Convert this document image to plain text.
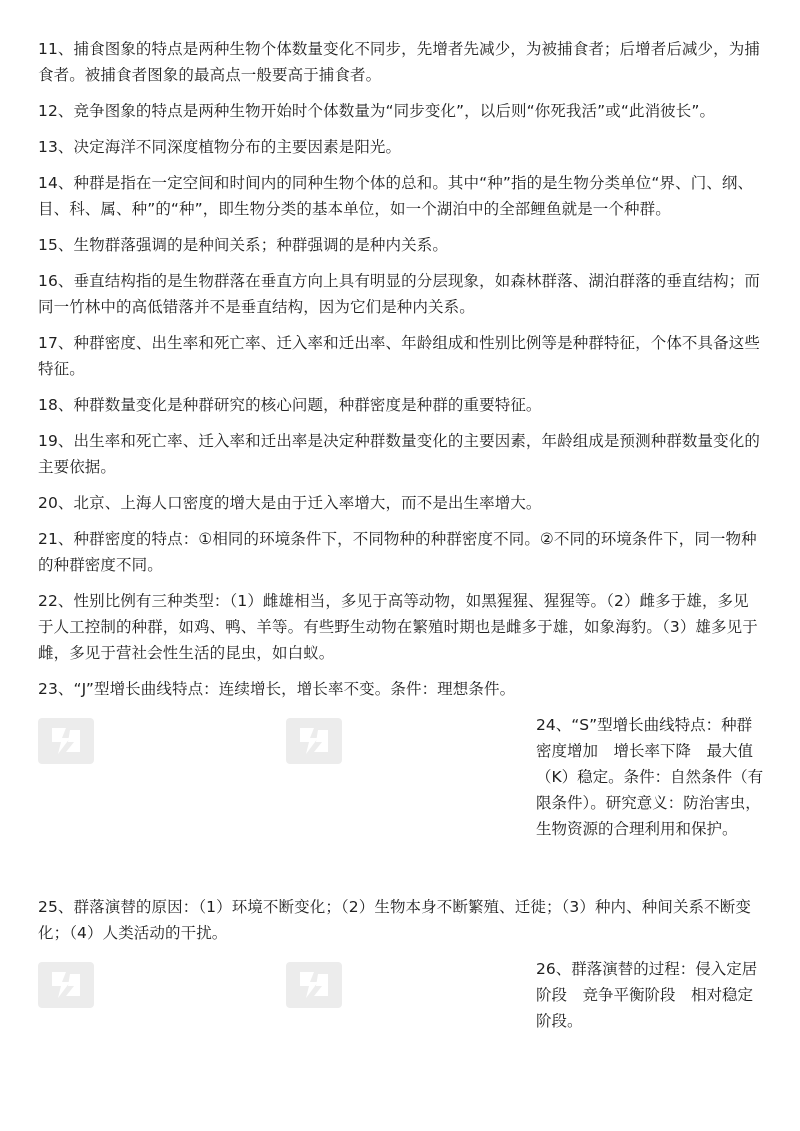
11、捕食图象的特点是两种生物个体数量变化不同步，先增者先减少，为被捕食者；后增者后减少，为捕食者。被捕食者图象的最高点一般要高于捕食者。

12、竞争图象的特点是两种生物开始时个体数量为“同步变化”，以后则“你死我活”或“此消彼长”。

13、决定海洋不同深度植物分布的主要因素是阳光。

14、种群是指在一定空间和时间内的同种生物个体的总和。其中“种”指的是生物分类单位“界、门、纲、目、科、属、种”的“种”，即生物分类的基本单位，如一个湖泊中的全部鲤鱼就是一个种群。

15、生物群落强调的是种间关系；种群强调的是种内关系。

16、垂直结构指的是生物群落在垂直方向上具有明显的分层现象，如森林群落、湖泊群落的垂直结构；而同一竹林中的高低错落并不是垂直结构，因为它们是种内关系。

17、种群密度、出生率和死亡率、迁入率和迁出率、年龄组成和性别比例等是种群特征，个体不具备这些特征。

18、种群数量变化是种群研究的核心问题，种群密度是种群的重要特征。

19、出生率和死亡率、迁入率和迁出率是决定种群数量变化的主要因素，年龄组成是预测种群数量变化的主要依据。

20、北京、上海人口密度的增大是由于迁入率增大，而不是出生率增大。

21、种群密度的特点：①相同的环境条件下，不同物种的种群密度不同。②不同的环境条件下，同一物种的种群密度不同。

22、性别比例有三种类型：（1）雌雄相当，多见于高等动物，如黑猩猩、猩猩等。（2）雌多于雄，多见于人工控制的种群，如鸡、鸭、羊等。有些野生动物在繁殖时期也是雌多于雄，如象海豹。（3）雄多见于雌，多见于营社会性生活的昆虫，如白蚁。

23、“J”型增长曲线特点：连续增长，增长率不变。条件：理想条件。

24、“S”型增长曲线特点：种群密度增加　增长率下降　最大值（K）稳定。条件：自然条件（有限条件）。研究意义：防治害虫，生物资源的合理利用和保护。

25、群落演替的原因：（1）环境不断变化；（2）生物本身不断繁殖、迁徙；（3）种内、种间关系不断变化；（4）人类活动的干扰。

26、群落演替的过程：侵入定居阶段　竞争平衡阶段　相对稳定阶段。
